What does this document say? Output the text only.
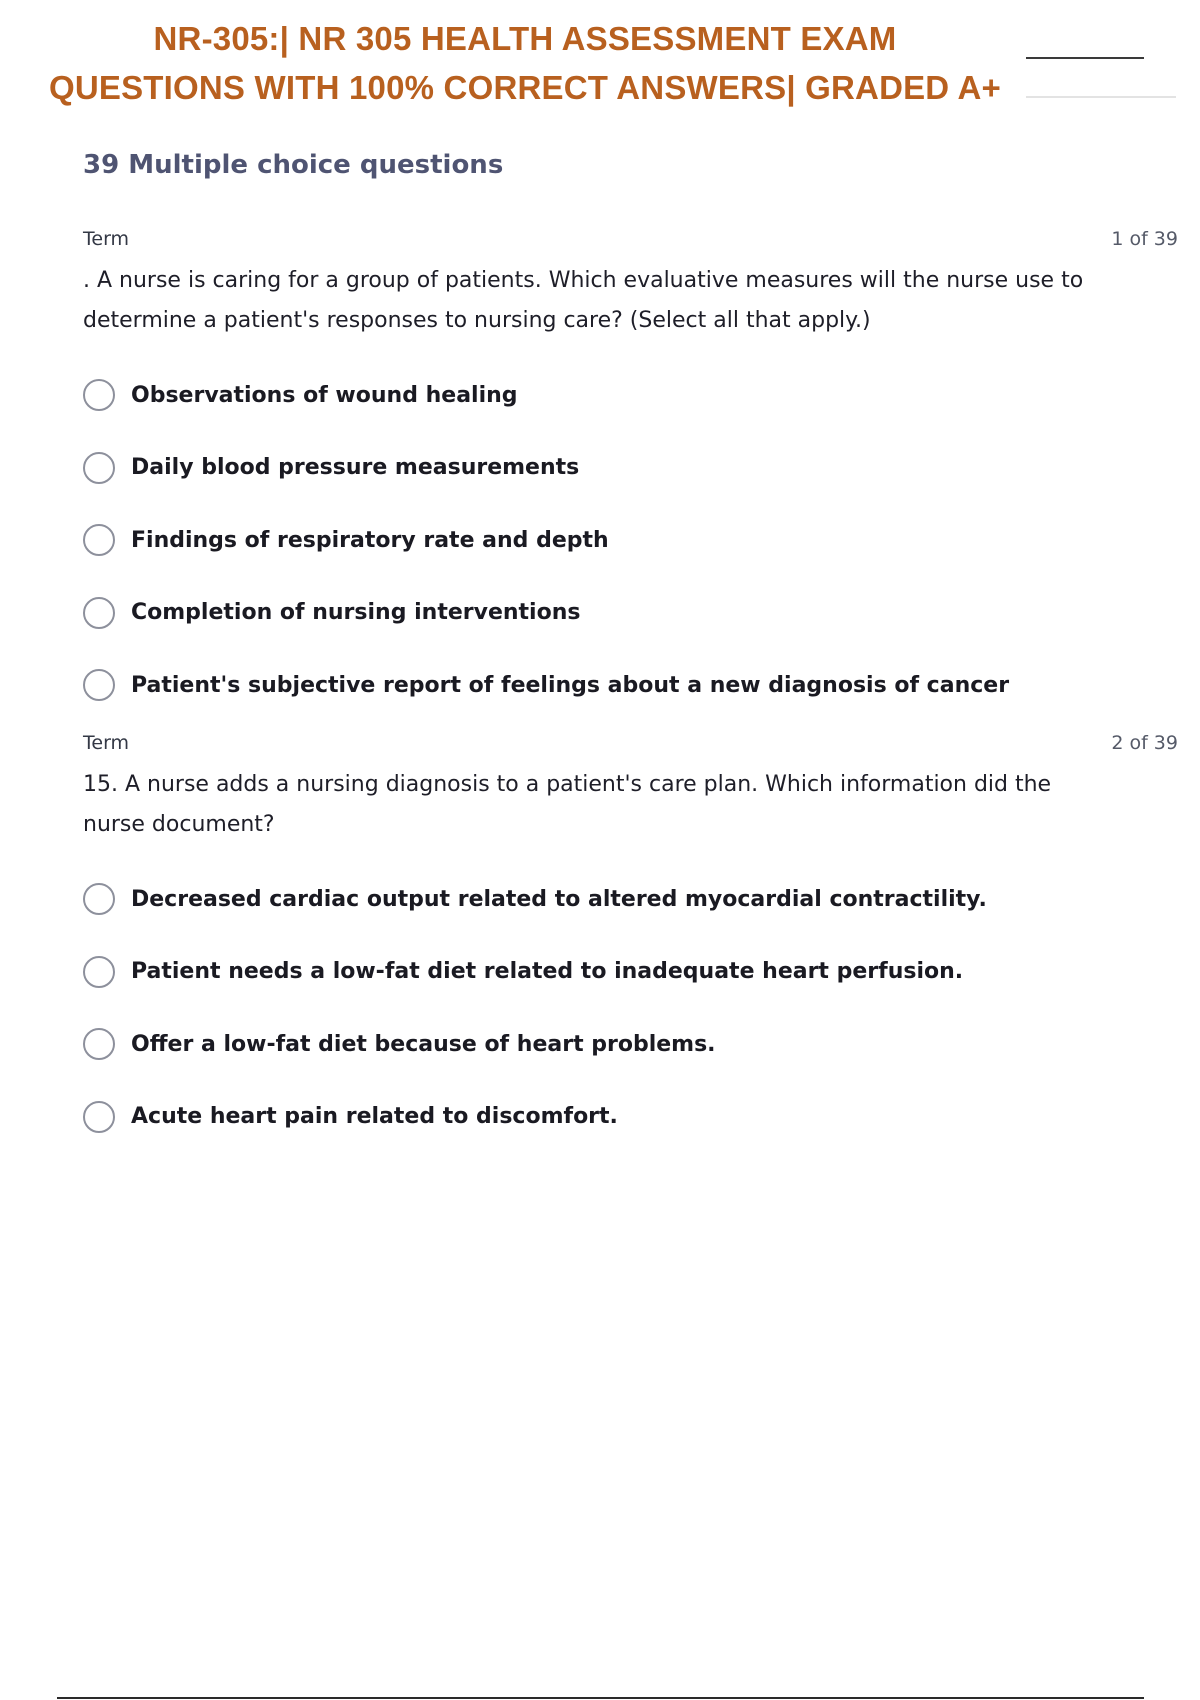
NR-305:| NR 305 HEALTH ASSESSMENT EXAM
QUESTIONS WITH 100% CORRECT ANSWERS| GRADED A+
39 Multiple choice questions
Term	1 of 39

. A nurse is caring for a group of patients. Which evaluative measures will the nurse use to determine a patient's responses to nursing care? (Select all that apply.)

Observations of wound healing
Daily blood pressure measurements
Findings of respiratory rate and depth
Completion of nursing interventions
Patient's subjective report of feelings about a new diagnosis of cancer
Term	2 of 39

15. A nurse adds a nursing diagnosis to a patient's care plan. Which information did the nurse document?

Decreased cardiac output related to altered myocardial contractility.
Patient needs a low-fat diet related to inadequate heart perfusion.
Offer a low-fat diet because of heart problems.
Acute heart pain related to discomfort.
